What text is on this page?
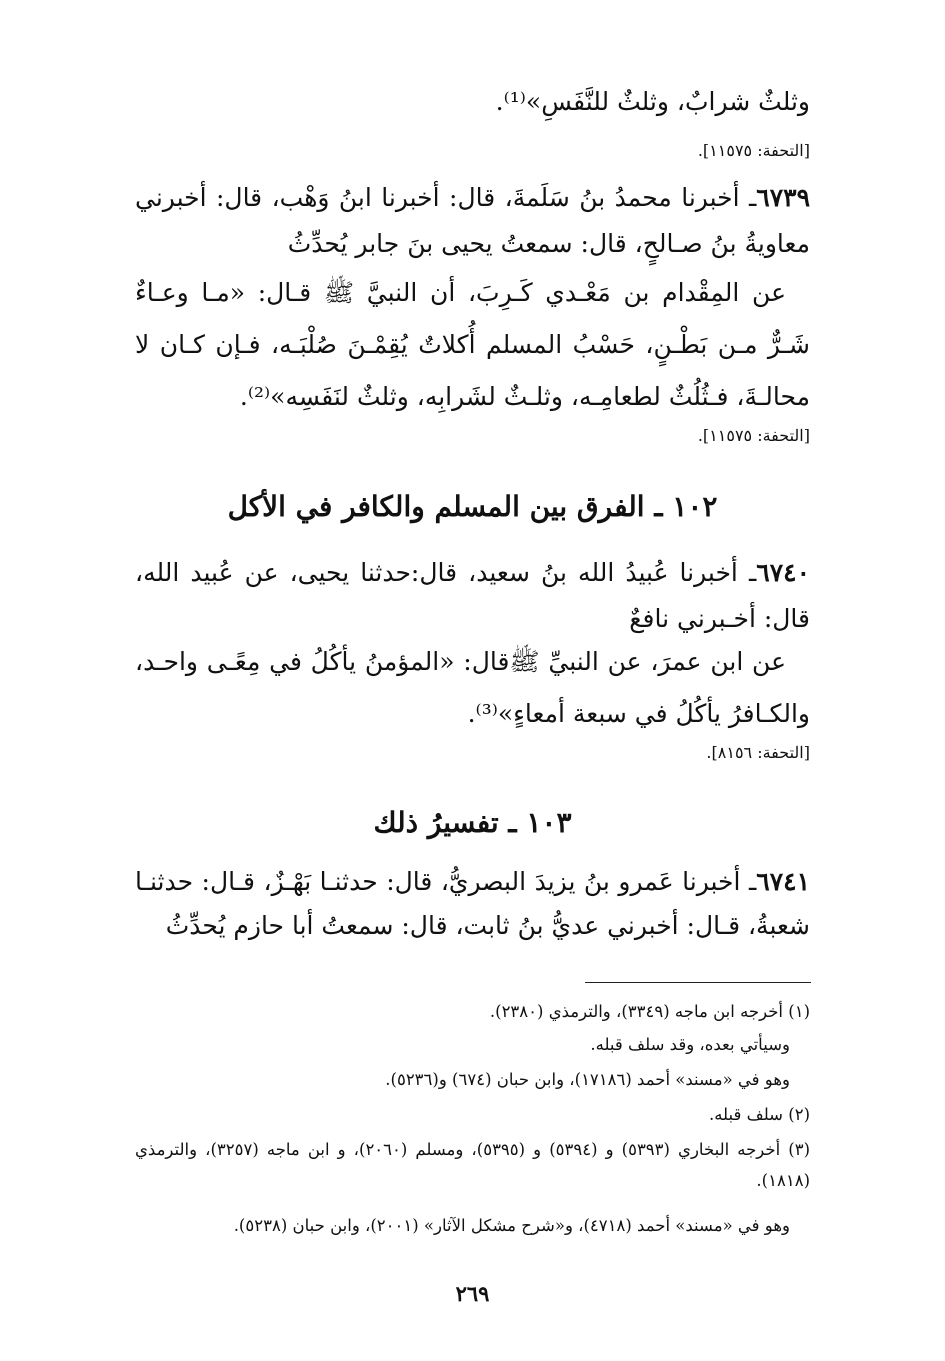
وثلثٌ شرابٌ، وثلثٌ للنَّفَسِ»⁽¹⁾.
[التحفة: ١١٥٧٥].
٦٧٣٩ـ أخبرنا محمدُ بنُ سَلَمةَ، قال: أخبرنا ابنُ وَهْب، قال: أخبرني معاويةُ بنُ صـالحٍ، قال: سمعتُ يحيى بنَ جابر يُحدِّثُ
عن المِقْدام بن مَعْـدي كَـرِبَ، أن النبيَّ ﷺ قـال: «مـا وعـاءٌ شَـرٌّ مـن بَطْـنٍ، حَسْبُ المسلم أُكلاتٌ يُقِمْـنَ صُلْبَـه، فـإن كـان لا محالـةَ، فـثُلُثٌ لطعامِـه، وثلـثٌ لشَرابِه، وثلثٌ لنَفَسِه»⁽²⁾.
[التحفة: ١١٥٧٥].
١٠٢ ـ الفرق بين المسلم والكافر في الأكل
٦٧٤٠ـ أخبرنا عُبيدُ الله بنُ سعيد، قال:حدثنا يحيى، عن عُبيد الله، قال: أخـبرني نافعٌ
عن ابن عمرَ، عن النبيِّ ﷺقال: «المؤمنُ يأكُلُ في مِعًـى واحـد، والكـافرُ يأكُلُ في سبعة أمعاءٍ»⁽³⁾.
[التحفة: ٨١٥٦].
١٠٣ ـ تفسيرُ ذلك
٦٧٤١ـ أخبرنا عَمرو بنُ يزيدَ البصريُّ، قال: حدثنـا بَهْـزٌ، قـال: حدثنـا شعبةُ، قـال: أخبرني عديُّ بنُ ثابت، قال: سمعتُ أبا حازم يُحدِّثُ
(١) أخرجه ابن ماجه (٣٣٤٩)، والترمذي (٢٣٨٠).
وسيأتي بعده، وقد سلف قبله.
وهو في «مسند» أحمد (١٧١٨٦)، وابن حبان (٦٧٤) و(٥٢٣٦).
(٢) سلف قبله.
(٣) أخرجه البخاري (٥٣٩٣) و (٥٣٩٤) و (٥٣٩٥)، ومسلم (٢٠٦٠)، و ابن ماجه (٣٢٥٧)، والترمذي (١٨١٨).
وهو في «مسند» أحمد (٤٧١٨)، و«شرح مشكل الآثار» (٢٠٠١)، وابن حبان (٥٢٣٨).
٢٦٩
